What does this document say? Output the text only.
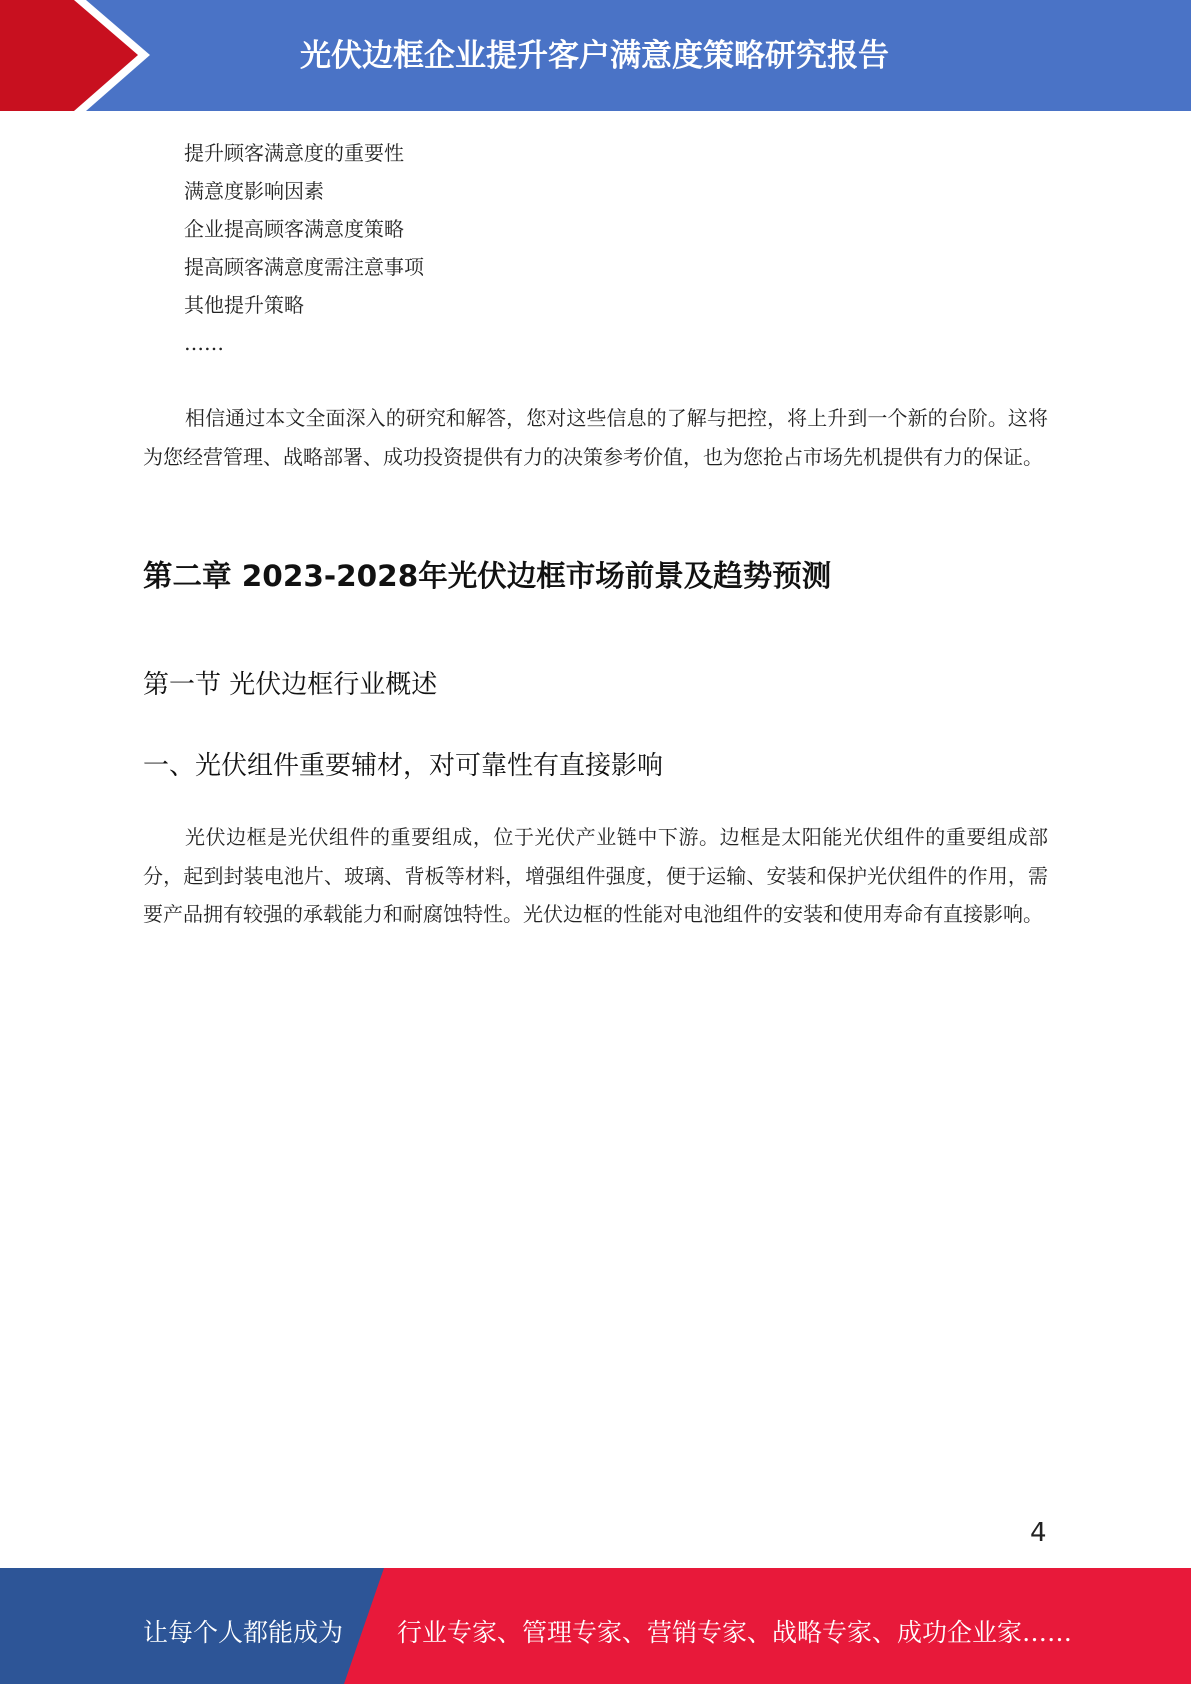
光伏边框企业提升客户满意度策略研究报告
提升顾客满意度的重要性
满意度影响因素
企业提高顾客满意度策略
提高顾客满意度需注意事项
其他提升策略
……
相信通过本文全面深入的研究和解答，您对这些信息的了解与把控，将上升到一个新的台阶。这将为您经营管理、战略部署、成功投资提供有力的决策参考价值，也为您抢占市场先机提供有力的保证。
第二章 2023-2028年光伏边框市场前景及趋势预测
第一节 光伏边框行业概述
一、光伏组件重要辅材，对可靠性有直接影响
光伏边框是光伏组件的重要组成，位于光伏产业链中下游。边框是太阳能光伏组件的重要组成部分，起到封装电池片、玻璃、背板等材料，增强组件强度，便于运输、安装和保护光伏组件的作用，需要产品拥有较强的承载能力和耐腐蚀特性。光伏边框的性能对电池组件的安装和使用寿命有直接影响。
4
让每个人都能成为 行业专家、管理专家、营销专家、战略专家、成功企业家……
